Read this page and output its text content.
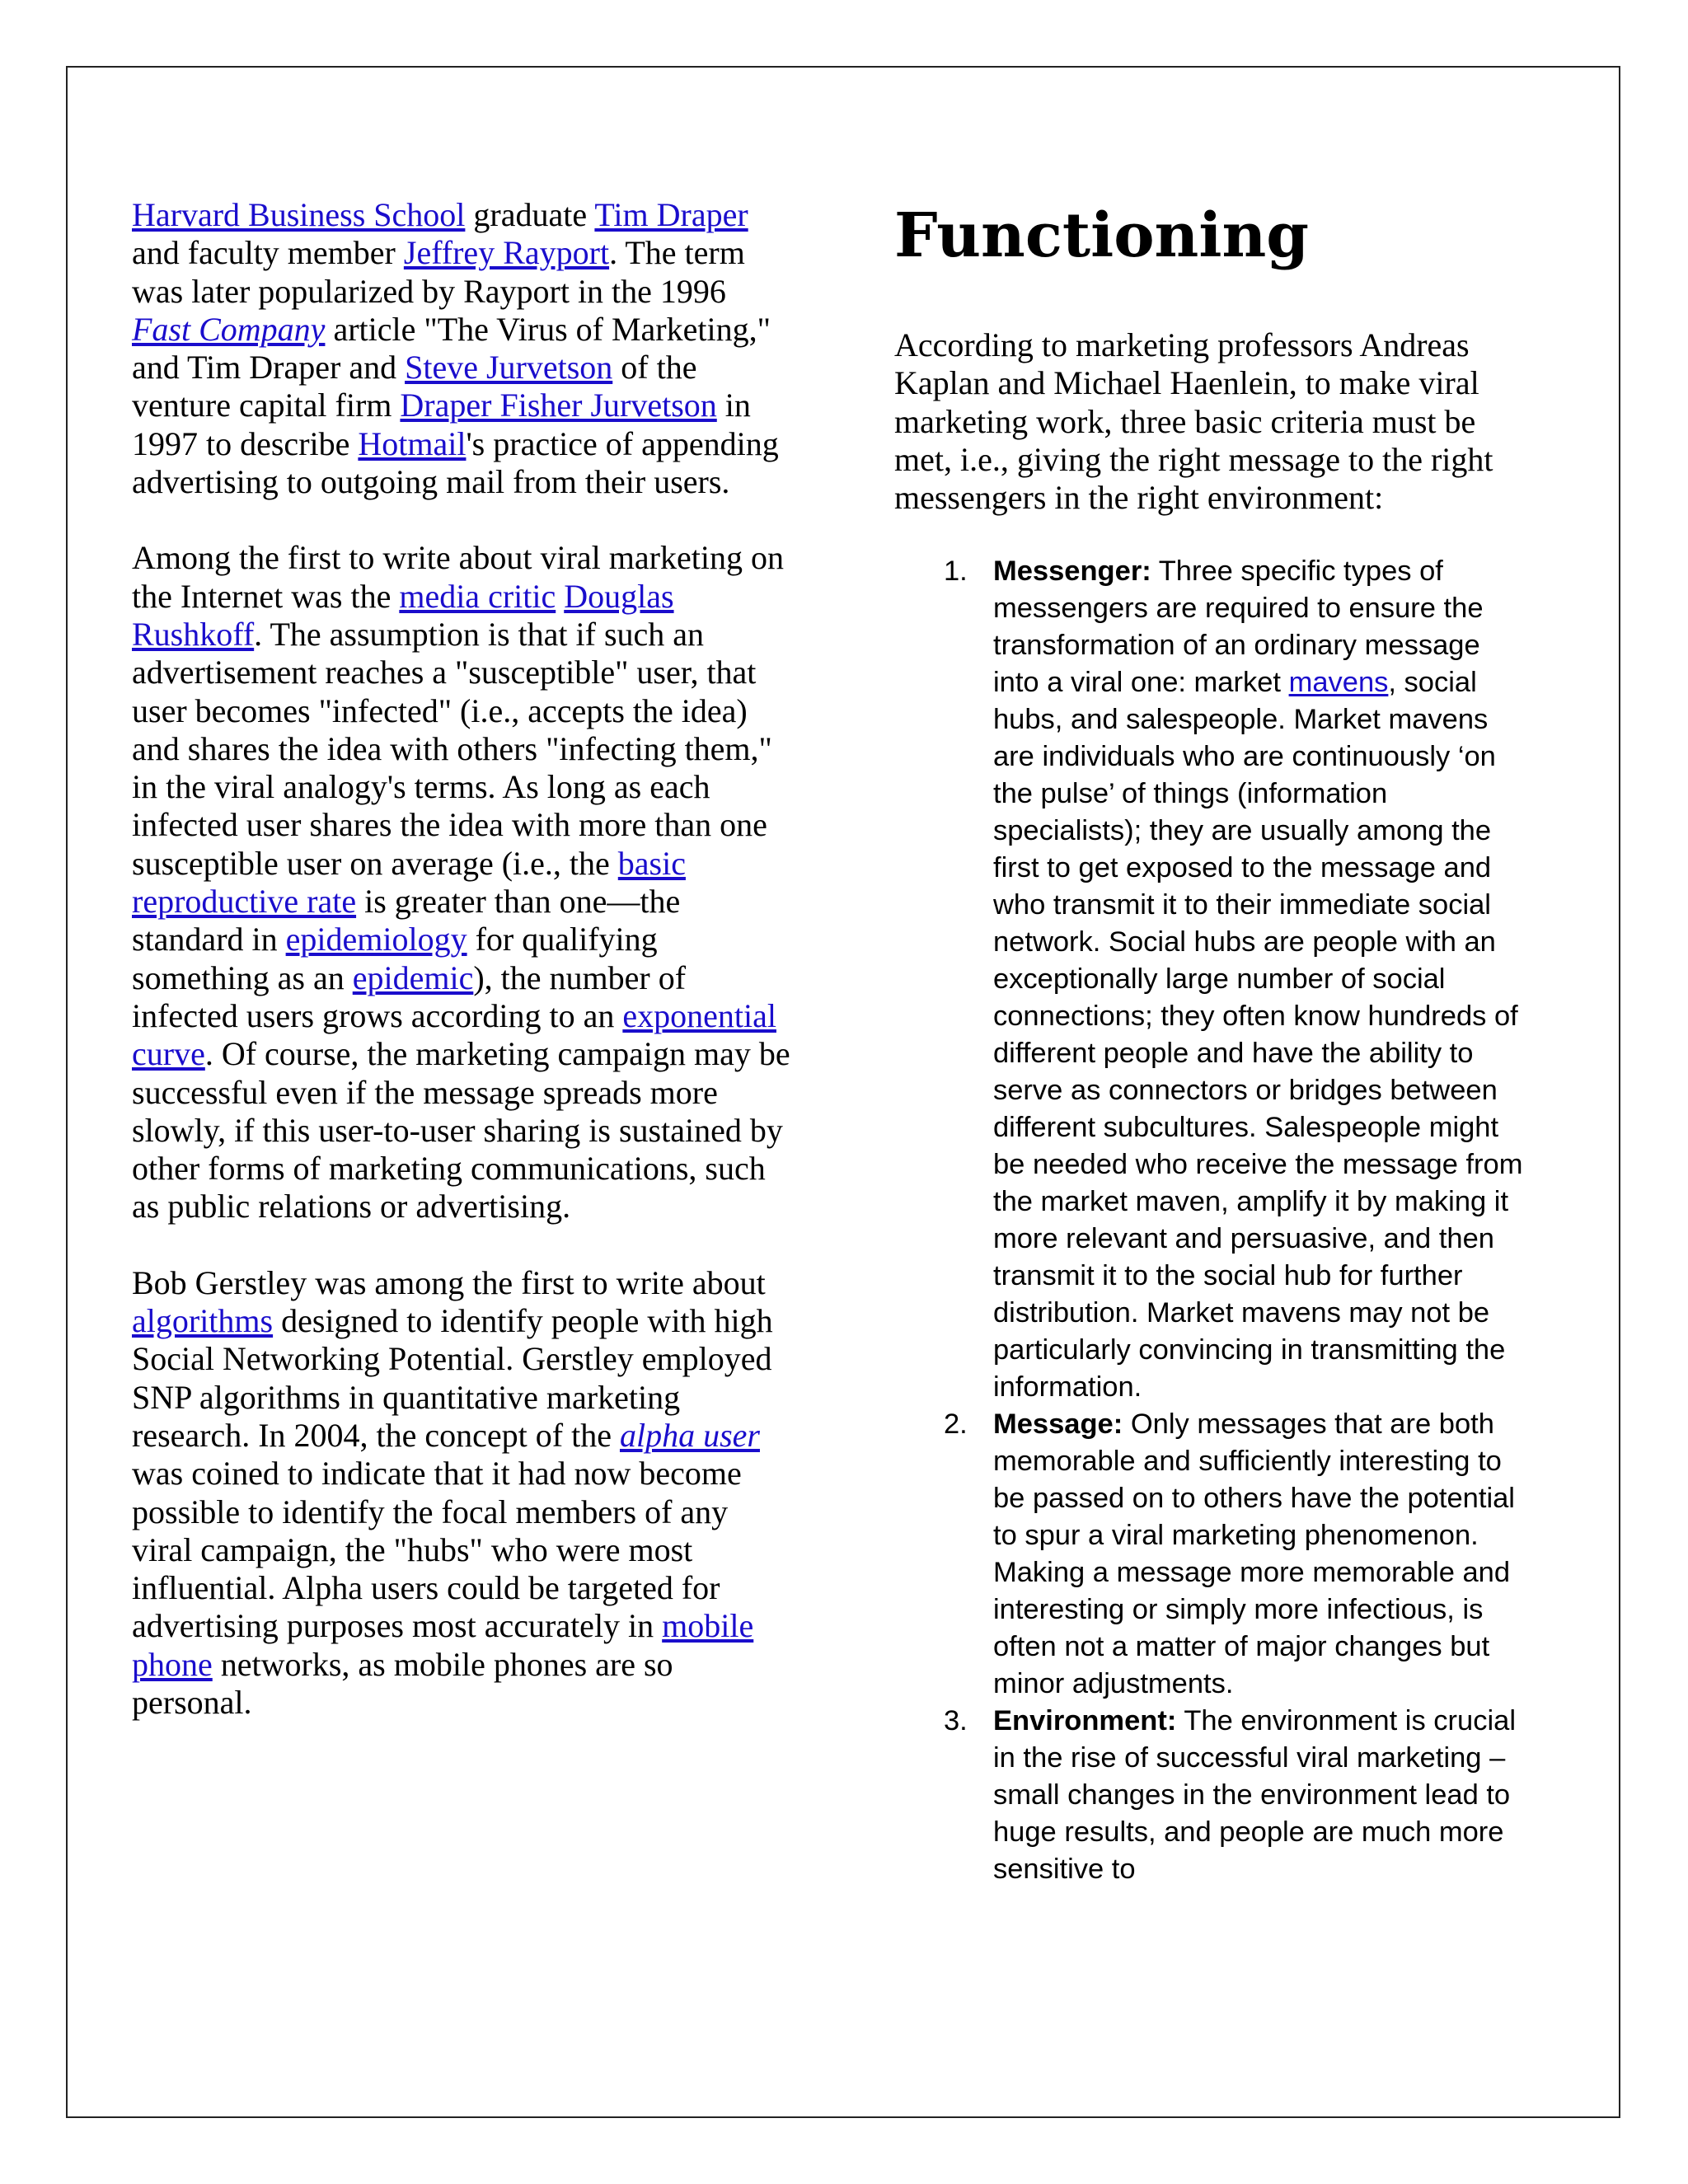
Harvard Business School graduate Tim Draper and faculty member Jeffrey Rayport. The term was later popularized by Rayport in the 1996 Fast Company article "The Virus of Marketing," and Tim Draper and Steve Jurvetson of the venture capital firm Draper Fisher Jurvetson in 1997 to describe Hotmail's practice of appending advertising to outgoing mail from their users.

Among the first to write about viral marketing on the Internet was the media critic Douglas Rushkoff. The assumption is that if such an advertisement reaches a "susceptible" user, that user becomes "infected" (i.e., accepts the idea) and shares the idea with others "infecting them," in the viral analogy's terms. As long as each infected user shares the idea with more than one susceptible user on average (i.e., the basic reproductive rate is greater than one—the standard in epidemiology for qualifying something as an epidemic), the number of infected users grows according to an exponential curve. Of course, the marketing campaign may be successful even if the message spreads more slowly, if this user-to-user sharing is sustained by other forms of marketing communications, such as public relations or advertising.

Bob Gerstley was among the first to write about algorithms designed to identify people with high Social Networking Potential. Gerstley employed SNP algorithms in quantitative marketing research. In 2004, the concept of the alpha user was coined to indicate that it had now become possible to identify the focal members of any viral campaign, the "hubs" who were most influential. Alpha users could be targeted for advertising purposes most accurately in mobile phone networks, as mobile phones are so personal.

Functioning

According to marketing professors Andreas Kaplan and Michael Haenlein, to make viral marketing work, three basic criteria must be met, i.e., giving the right message to the right messengers in the right environment:

1. Messenger: Three specific types of messengers are required to ensure the transformation of an ordinary message into a viral one: market mavens, social hubs, and salespeople. Market mavens are individuals who are continuously ‘on the pulse’ of things (information specialists); they are usually among the first to get exposed to the message and who transmit it to their immediate social network. Social hubs are people with an exceptionally large number of social connections; they often know hundreds of different people and have the ability to serve as connectors or bridges between different subcultures. Salespeople might be needed who receive the message from the market maven, amplify it by making it more relevant and persuasive, and then transmit it to the social hub for further distribution. Market mavens may not be particularly convincing in transmitting the information.
2. Message: Only messages that are both memorable and sufficiently interesting to be passed on to others have the potential to spur a viral marketing phenomenon. Making a message more memorable and interesting or simply more infectious, is often not a matter of major changes but minor adjustments.
3. Environment: The environment is crucial in the rise of successful viral marketing – small changes in the environment lead to huge results, and people are much more sensitive to
